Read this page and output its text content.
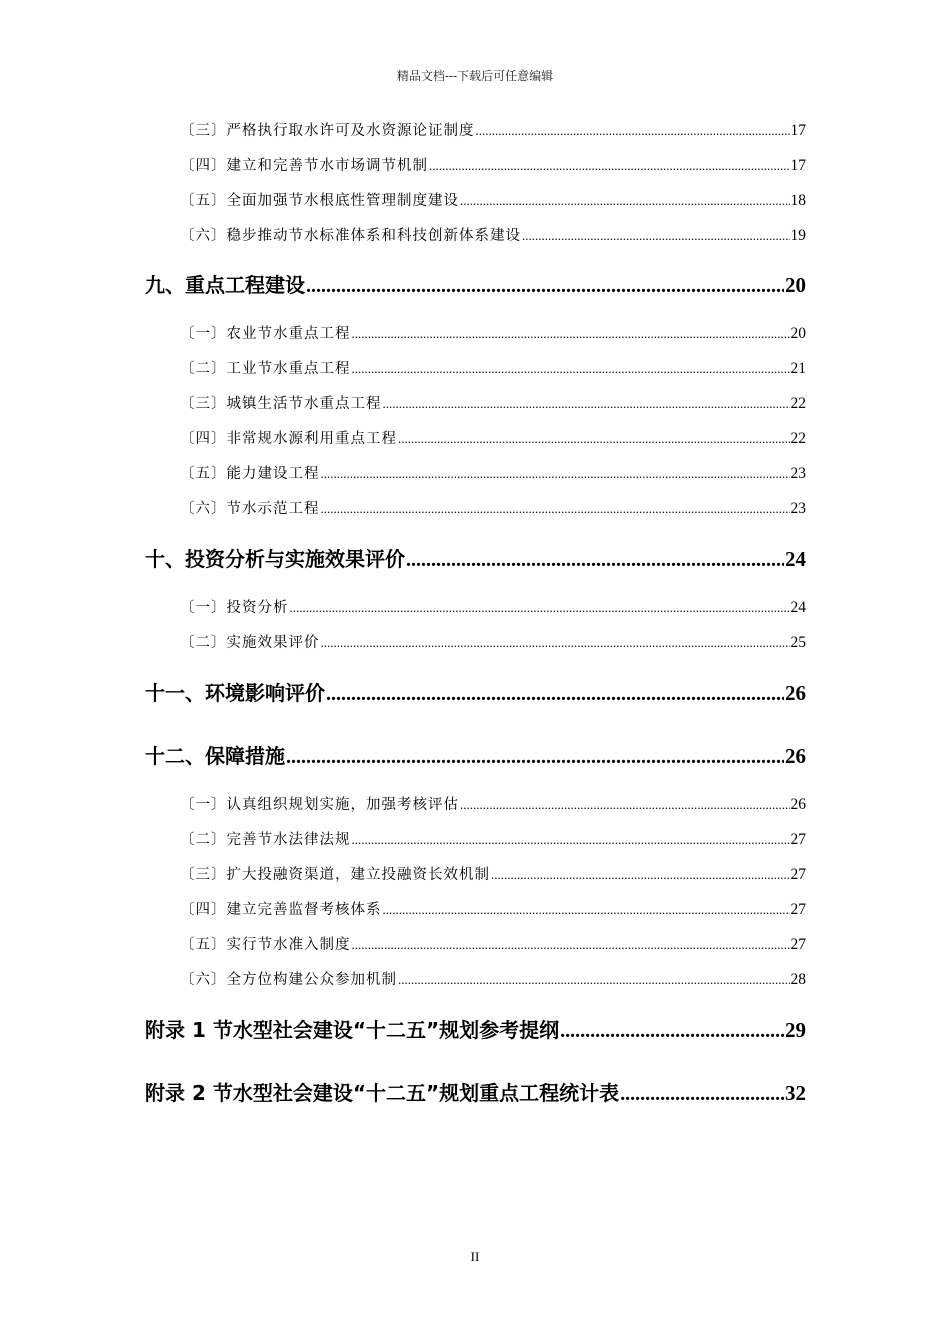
精品文档---下载后可任意编辑
〔三〕严格执行取水许可及水资源论证制度 .....	17
〔四〕建立和完善节水市场调节机制 .....	17
〔五〕全面加强节水根底性管理制度建设 .....	18
〔六〕稳步推动节水标准体系和科技创新体系建设 .....	19
九、重点工程建设 .....	20
〔一〕农业节水重点工程 .....	20
〔二〕工业节水重点工程 .....	21
〔三〕城镇生活节水重点工程 .....	22
〔四〕非常规水源利用重点工程 .....	22
〔五〕能力建设工程 .....	23
〔六〕节水示范工程 .....	23
十、投资分析与实施效果评价 .....	24
〔一〕投资分析 .....	24
〔二〕实施效果评价 .....	25
十一、环境影响评价 .....	26
十二、保障措施 .....	26
〔一〕认真组织规划实施，加强考核评估 .....	26
〔二〕完善节水法律法规 .....	27
〔三〕扩大投融资渠道，建立投融资长效机制 .....	27
〔四〕建立完善监督考核体系 .....	27
〔五〕实行节水准入制度 .....	27
〔六〕全方位构建公众参加机制 .....	28
附录 1 节水型社会建设“十二五”规划参考提纲 .....	29
附录 2 节水型社会建设“十二五”规划重点工程统计表 .....	32
II
